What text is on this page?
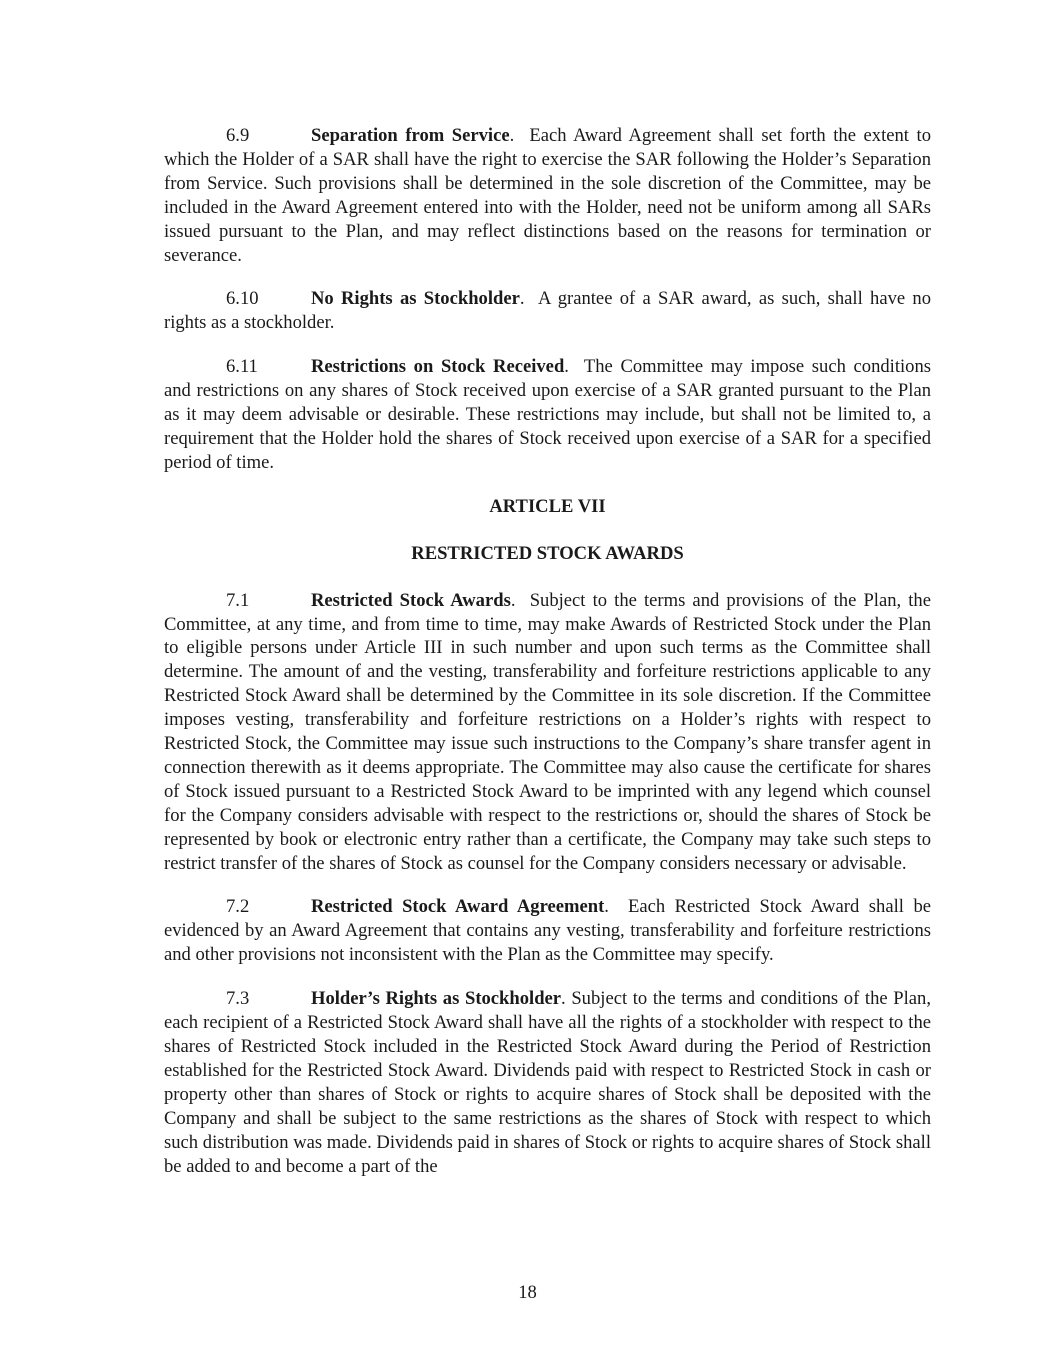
6.9	Separation from Service.  Each Award Agreement shall set forth the extent to which the Holder of a SAR shall have the right to exercise the SAR following the Holder’s Separation from Service. Such provisions shall be determined in the sole discretion of the Committee, may be included in the Award Agreement entered into with the Holder, need not be uniform among all SARs issued pursuant to the Plan, and may reflect distinctions based on the reasons for termination or severance.

6.10	No Rights as Stockholder.  A grantee of a SAR award, as such, shall have no rights as a stockholder.

6.11	Restrictions on Stock Received.  The Committee may impose such conditions and restrictions on any shares of Stock received upon exercise of a SAR granted pursuant to the Plan as it may deem advisable or desirable. These restrictions may include, but shall not be limited to, a requirement that the Holder hold the shares of Stock received upon exercise of a SAR for a specified period of time.

ARTICLE VII
RESTRICTED STOCK AWARDS

7.1	Restricted Stock Awards.  Subject to the terms and provisions of the Plan, the Committee, at any time, and from time to time, may make Awards of Restricted Stock under the Plan to eligible persons under Article III in such number and upon such terms as the Committee shall determine. The amount of and the vesting, transferability and forfeiture restrictions applicable to any Restricted Stock Award shall be determined by the Committee in its sole discretion. If the Committee imposes vesting, transferability and forfeiture restrictions on a Holder’s rights with respect to Restricted Stock, the Committee may issue such instructions to the Company’s share transfer agent in connection therewith as it deems appropriate. The Committee may also cause the certificate for shares of Stock issued pursuant to a Restricted Stock Award to be imprinted with any legend which counsel for the Company considers advisable with respect to the restrictions or, should the shares of Stock be represented by book or electronic entry rather than a certificate, the Company may take such steps to restrict transfer of the shares of Stock as counsel for the Company considers necessary or advisable.

7.2	Restricted Stock Award Agreement.  Each Restricted Stock Award shall be evidenced by an Award Agreement that contains any vesting, transferability and forfeiture restrictions and other provisions not inconsistent with the Plan as the Committee may specify.

7.3	Holder’s Rights as Stockholder. Subject to the terms and conditions of the Plan, each recipient of a Restricted Stock Award shall have all the rights of a stockholder with respect to the shares of Restricted Stock included in the Restricted Stock Award during the Period of Restriction established for the Restricted Stock Award. Dividends paid with respect to Restricted Stock in cash or property other than shares of Stock or rights to acquire shares of Stock shall be deposited with the Company and shall be subject to the same restrictions as the shares of Stock with respect to which such distribution was made. Dividends paid in shares of Stock or rights to acquire shares of Stock shall be added to and become a part of the

18
